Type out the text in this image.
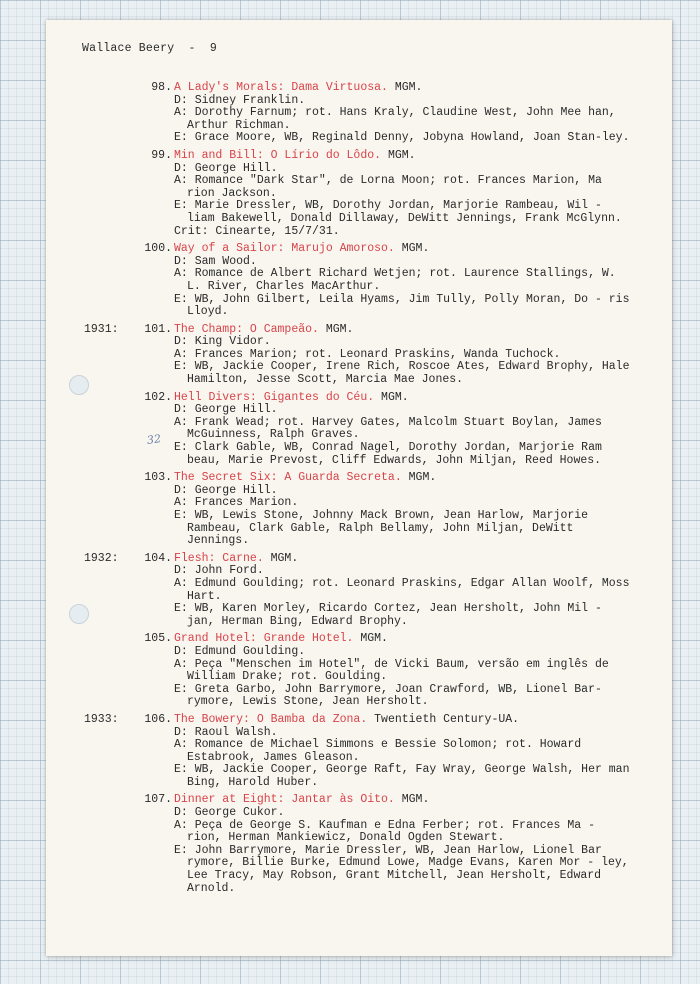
Wallace Beery  -  9
98. A Lady's Morals: Dama Virtuosa. MGM.
D: Sidney Franklin.
A: Dorothy Farnum; rot. Hans Kraly, Claudine West, John Mee han, Arthur Richman.
E: Grace Moore, WB, Reginald Denny, Jobyna Howland, Joan Stan-ley.
99. Min and Bill: O Lírio do Lôdo. MGM.
D: George Hill.
A: Romance "Dark Star", de Lorna Moon; rot. Frances Marion, Ma rion Jackson.
E: Marie Dressler, WB, Dorothy Jordan, Marjorie Rambeau, Wil - liam Bakewell, Donald Dillaway, DeWitt Jennings, Frank McGlynn.
Crit: Cinearte, 15/7/31.
100. Way of a Sailor: Marujo Amoroso. MGM.
D: Sam Wood.
A: Romance de Albert Richard Wetjen; rot. Laurence Stallings, W. L. River, Charles MacArthur.
E: WB, John Gilbert, Leila Hyams, Jim Tully, Polly Moran, Do - ris Lloyd.
1931: 101. The Champ: O Campeão. MGM.
D: King Vidor.
A: Frances Marion; rot. Leonard Praskins, Wanda Tuchock.
E: WB, Jackie Cooper, Irene Rich, Roscoe Ates, Edward Brophy, Hale Hamilton, Jesse Scott, Marcia Mae Jones.
102. Hell Divers: Gigantes do Céu. MGM.
D: George Hill.
A: Frank Wead; rot. Harvey Gates, Malcolm Stuart Boylan, James McGuinness, Ralph Graves.
E: Clark Gable, WB, Conrad Nagel, Dorothy Jordan, Marjorie Ram beau, Marie Prevost, Cliff Edwards, John Miljan, Reed Howes.
103. The Secret Six: A Guarda Secreta. MGM.
D: George Hill.
A: Frances Marion.
E: WB, Lewis Stone, Johnny Mack Brown, Jean Harlow, Marjorie Rambeau, Clark Gable, Ralph Bellamy, John Miljan, DeWitt Jennings.
1932: 104. Flesh: Carne. MGM.
D: John Ford.
A: Edmund Goulding; rot. Leonard Praskins, Edgar Allan Woolf, Moss Hart.
E: WB, Karen Morley, Ricardo Cortez, Jean Hersholt, John Mil - jan, Herman Bing, Edward Brophy.
105. Grand Hotel: Grande Hotel. MGM.
D: Edmund Goulding.
A: Peça "Menschen im Hotel", de Vicki Baum, versão em inglês de William Drake; rot. Goulding.
E: Greta Garbo, John Barrymore, Joan Crawford, WB, Lionel Bar- rymore, Lewis Stone, Jean Hersholt.
1933: 106. The Bowery: O Bamba da Zona. Twentieth Century-UA.
D: Raoul Walsh.
A: Romance de Michael Simmons e Bessie Solomon; rot. Howard Estabrook, James Gleason.
E: WB, Jackie Cooper, George Raft, Fay Wray, George Walsh, Her man Bing, Harold Huber.
107. Dinner at Eight: Jantar às Oito. MGM.
D: George Cukor.
A: Peça de George S. Kaufman e Edna Ferber; rot. Frances Ma - rion, Herman Mankiewicz, Donald Ogden Stewart.
E: John Barrymore, Marie Dressler, WB, Jean Harlow, Lionel Bar rymore, Billie Burke, Edmund Lowe, Madge Evans, Karen Mor - ley, Lee Tracy, May Robson, Grant Mitchell, Jean Hersholt, Edward Arnold.
32
